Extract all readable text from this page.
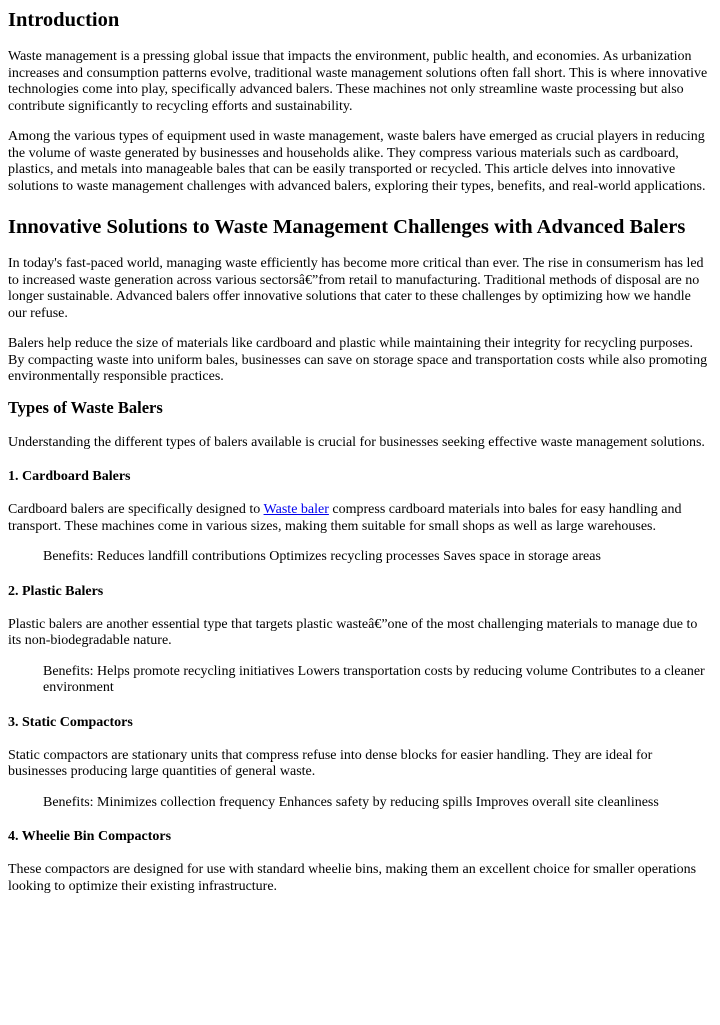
Introduction

Waste management is a pressing global issue that impacts the environment, public health, and economies. As urbanization increases and consumption patterns evolve, traditional waste management solutions often fall short. This is where innovative technologies come into play, specifically advanced balers. These machines not only streamline waste processing but also contribute significantly to recycling efforts and sustainability.

Among the various types of equipment used in waste management, waste balers have emerged as crucial players in reducing the volume of waste generated by businesses and households alike. They compress various materials such as cardboard, plastics, and metals into manageable bales that can be easily transported or recycled. This article delves into innovative solutions to waste management challenges with advanced balers, exploring their types, benefits, and real-world applications.

Innovative Solutions to Waste Management Challenges with Advanced Balers

In today's fast-paced world, managing waste efficiently has become more critical than ever. The rise in consumerism has led to increased waste generation across various sectorsâ€”from retail to manufacturing. Traditional methods of disposal are no longer sustainable. Advanced balers offer innovative solutions that cater to these challenges by optimizing how we handle our refuse.

Balers help reduce the size of materials like cardboard and plastic while maintaining their integrity for recycling purposes. By compacting waste into uniform bales, businesses can save on storage space and transportation costs while also promoting environmentally responsible practices.

Types of Waste Balers

Understanding the different types of balers available is crucial for businesses seeking effective waste management solutions.

1. Cardboard Balers

Cardboard balers are specifically designed to Waste baler compress cardboard materials into bales for easy handling and transport. These machines come in various sizes, making them suitable for small shops as well as large warehouses.

Benefits: Reduces landfill contributions Optimizes recycling processes Saves space in storage areas
2. Plastic Balers

Plastic balers are another essential type that targets plastic wasteâ€”one of the most challenging materials to manage due to its non-biodegradable nature.

Benefits: Helps promote recycling initiatives Lowers transportation costs by reducing volume Contributes to a cleaner environment
3. Static Compactors

Static compactors are stationary units that compress refuse into dense blocks for easier handling. They are ideal for businesses producing large quantities of general waste.

Benefits: Minimizes collection frequency Enhances safety by reducing spills Improves overall site cleanliness
4. Wheelie Bin Compactors

These compactors are designed for use with standard wheelie bins, making them an excellent choice for smaller operations looking to optimize their existing infrastructure.
